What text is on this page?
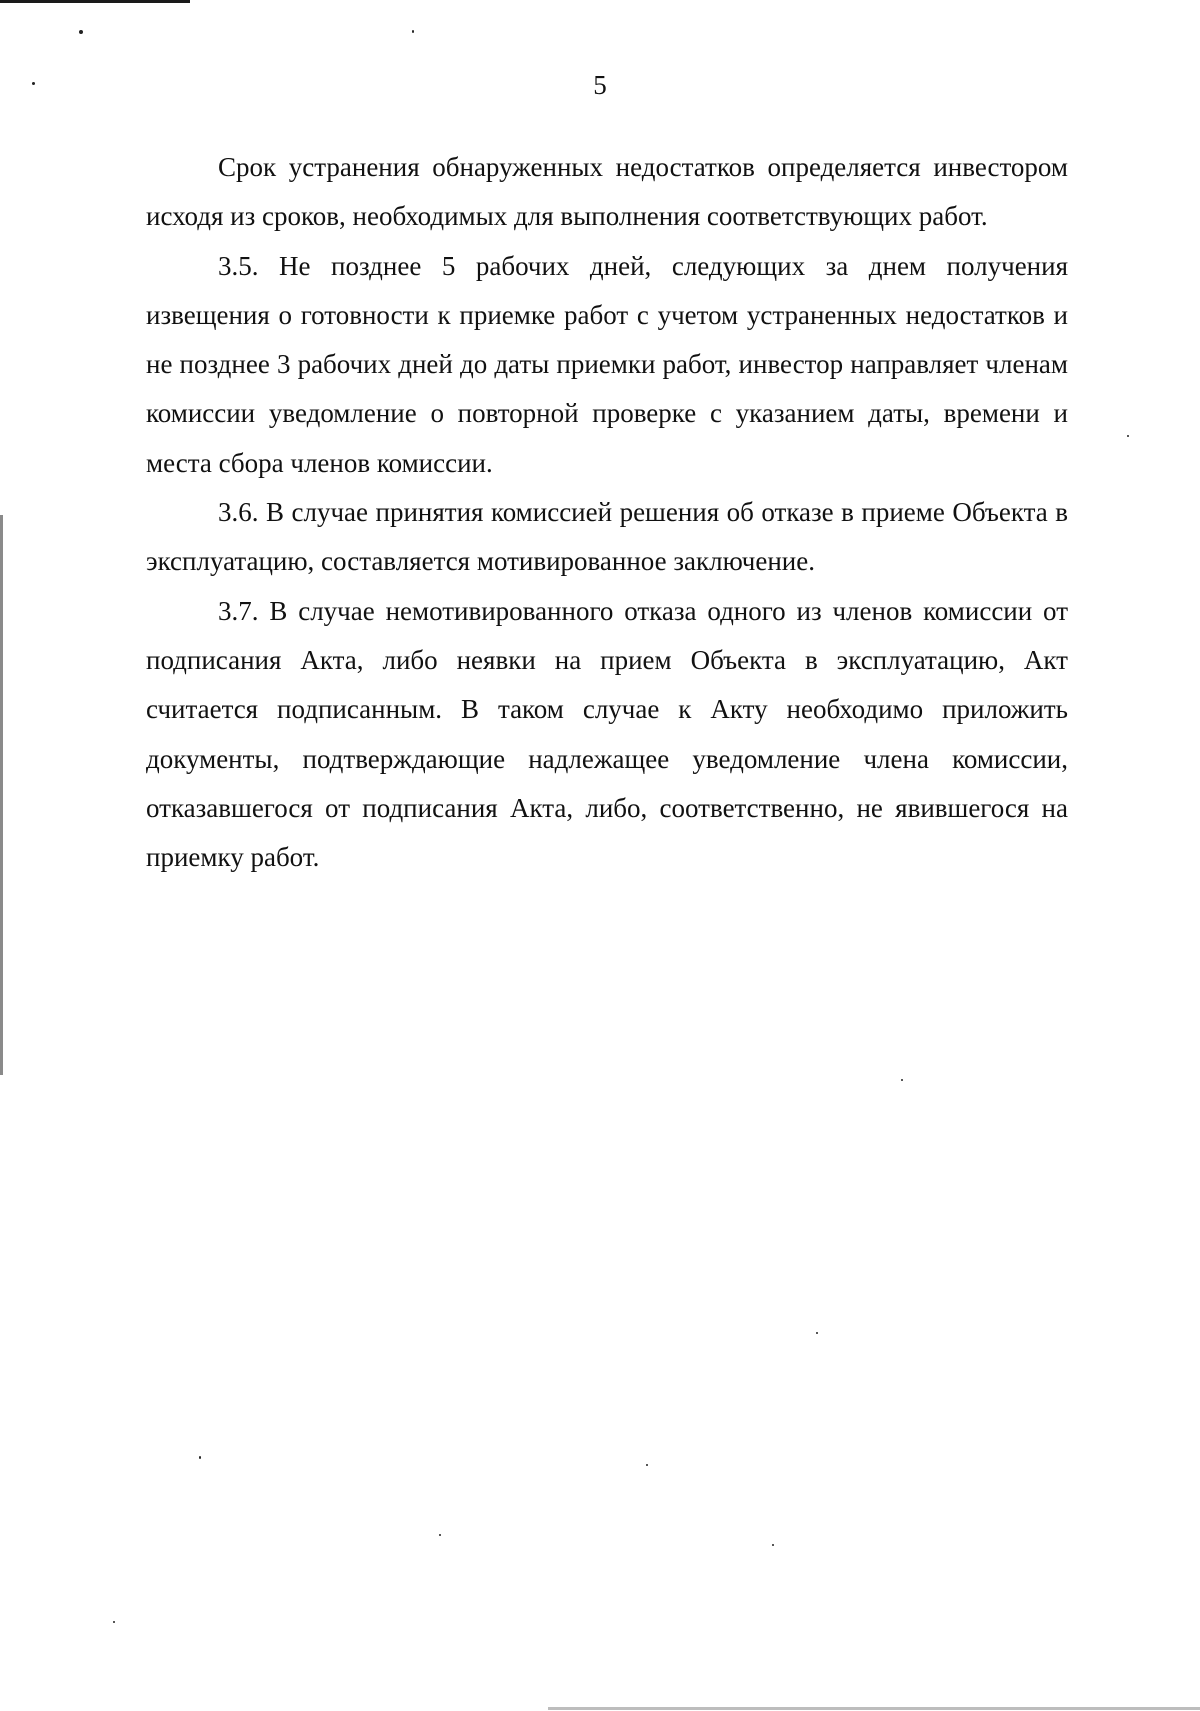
5

Срок устранения обнаруженных недостатков определяется инвестором исходя из сроков, необходимых для выполнения соответствующих работ.

3.5. Не позднее 5 рабочих дней, следующих за днем получения извещения о готовности к приемке работ с учетом устраненных недостатков и не позднее 3 рабочих дней до даты приемки работ, инвестор направляет членам комиссии уведомление о повторной проверке с указанием даты, времени и места сбора членов комиссии.

3.6. В случае принятия комиссией решения об отказе в приеме Объекта в эксплуатацию, составляется мотивированное заключение.

3.7. В случае немотивированного отказа одного из членов комиссии от подписания Акта, либо неявки на прием Объекта в эксплуатацию, Акт считается подписанным. В таком случае к Акту необходимо приложить документы, подтверждающие надлежащее уведомление члена комиссии, отказавшегося от подписания Акта, либо, соответственно, не явившегося на приемку работ.
